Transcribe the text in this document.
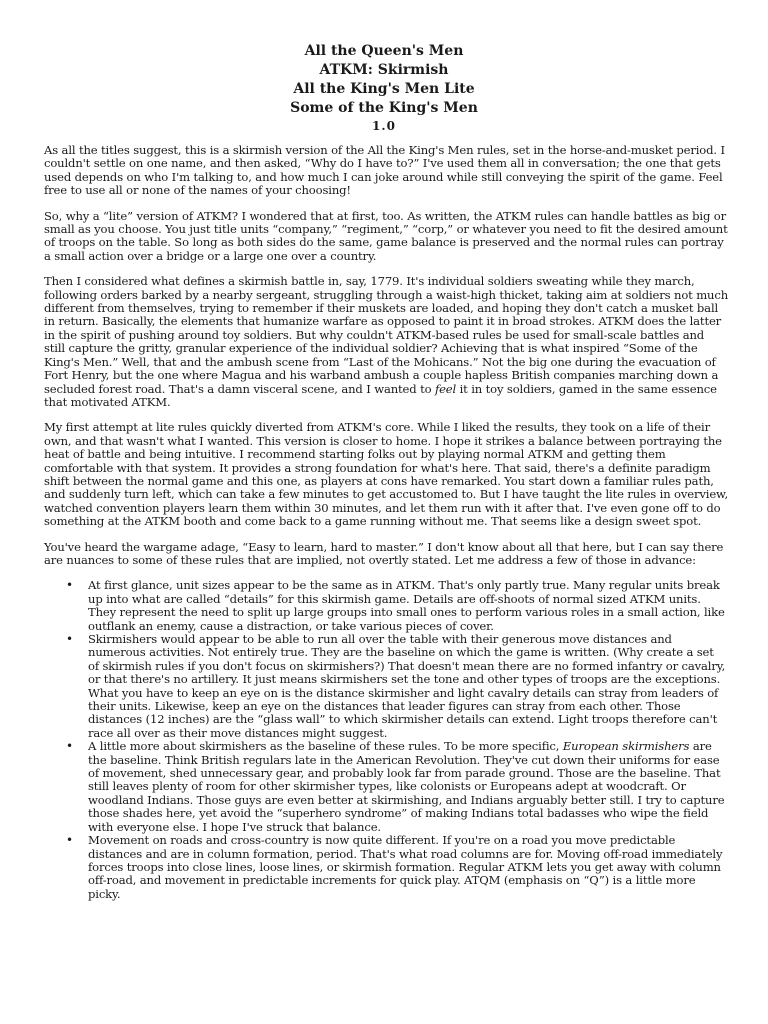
All the Queen's Men

ATKM: Skirmish

All the King's Men Lite

Some of the King's Men

1.0

As all the titles suggest, this is a skirmish version of the All the King's Men rules, set in the horse-and-musket period. I couldn't settle on one name, and then asked, “Why do I have to?” I've used them all in conversation; the one that gets used depends on who I'm talking to, and how much I can joke around while still conveying the spirit of the game. Feel free to use all or none of the names of your choosing!

So, why a “lite” version of ATKM? I wondered that at first, too. As written, the ATKM rules can handle battles as big or small as you choose. You just title units “company,” “regiment,” “corp,” or whatever you need to fit the desired amount of troops on the table. So long as both sides do the same, game balance is preserved and the normal rules can portray a small action over a bridge or a large one over a country.

Then I considered what defines a skirmish battle in, say, 1779. It's individual soldiers sweating while they march, following orders barked by a nearby sergeant, struggling through a waist-high thicket, taking aim at soldiers not much different from themselves, trying to remember if their muskets are loaded, and hoping they don't catch a musket ball in return. Basically, the elements that humanize warfare as opposed to paint it in broad strokes. ATKM does the latter in the spirit of pushing around toy soldiers. But why couldn't ATKM-based rules be used for small-scale battles and still capture the gritty, granular experience of the individual soldier? Achieving that is what inspired “Some of the King's Men.” Well, that and the ambush scene from “Last of the Mohicans.” Not the big one during the evacuation of Fort Henry, but the one where Magua and his warband ambush a couple hapless British companies marching down a secluded forest road. That's a damn visceral scene, and I wanted to feel it in toy soldiers, gamed in the same essence that motivated ATKM.

My first attempt at lite rules quickly diverted from ATKM's core. While I liked the results, they took on a life of their own, and that wasn't what I wanted. This version is closer to home. I hope it strikes a balance between portraying the heat of battle and being intuitive. I recommend starting folks out by playing normal ATKM and getting them comfortable with that system. It provides a strong foundation for what's here. That said, there's a definite paradigm shift between the normal game and this one, as players at cons have remarked. You start down a familiar rules path, and suddenly turn left, which can take a few minutes to get accustomed to. But I have taught the lite rules in overview, watched convention players learn them within 30 minutes, and let them run with it after that. I've even gone off to do something at the ATKM booth and come back to a game running without me. That seems like a design sweet spot.

You've heard the wargame adage, “Easy to learn, hard to master.” I don't know about all that here, but I can say there are nuances to some of these rules that are implied, not overtly stated. Let me address a few of those in advance:

• At first glance, unit sizes appear to be the same as in ATKM. That's only partly true. Many regular units break up into what are called “details” for this skirmish game. Details are off-shoots of normal sized ATKM units. They represent the need to split up large groups into small ones to perform various roles in a small action, like outflank an enemy, cause a distraction, or take various pieces of cover.
• Skirmishers would appear to be able to run all over the table with their generous move distances and numerous activities. Not entirely true. They are the baseline on which the game is written. (Why create a set of skirmish rules if you don't focus on skirmishers?) That doesn't mean there are no formed infantry or cavalry, or that there's no artillery. It just means skirmishers set the tone and other types of troops are the exceptions. What you have to keep an eye on is the distance skirmisher and light cavalry details can stray from leaders of their units. Likewise, keep an eye on the distances that leader figures can stray from each other. Those distances (12 inches) are the “glass wall” to which skirmisher details can extend. Light troops therefore can't race all over as their move distances might suggest.
• A little more about skirmishers as the baseline of these rules. To be more specific, European skirmishers are the baseline. Think British regulars late in the American Revolution. They've cut down their uniforms for ease of movement, shed unnecessary gear, and probably look far from parade ground. Those are the baseline. That still leaves plenty of room for other skirmisher types, like colonists or Europeans adept at woodcraft. Or woodland Indians. Those guys are even better at skirmishing, and Indians arguably better still. I try to capture those shades here, yet avoid the “superhero syndrome” of making Indians total badasses who wipe the field with everyone else. I hope I've struck that balance.
• Movement on roads and cross-country is now quite different. If you're on a road you move predictable distances and are in column formation, period. That's what road columns are for. Moving off-road immediately forces troops into close lines, loose lines, or skirmish formation. Regular ATKM lets you get away with column off-road, and movement in predictable increments for quick play. ATQM (emphasis on “Q”) is a little more picky.
